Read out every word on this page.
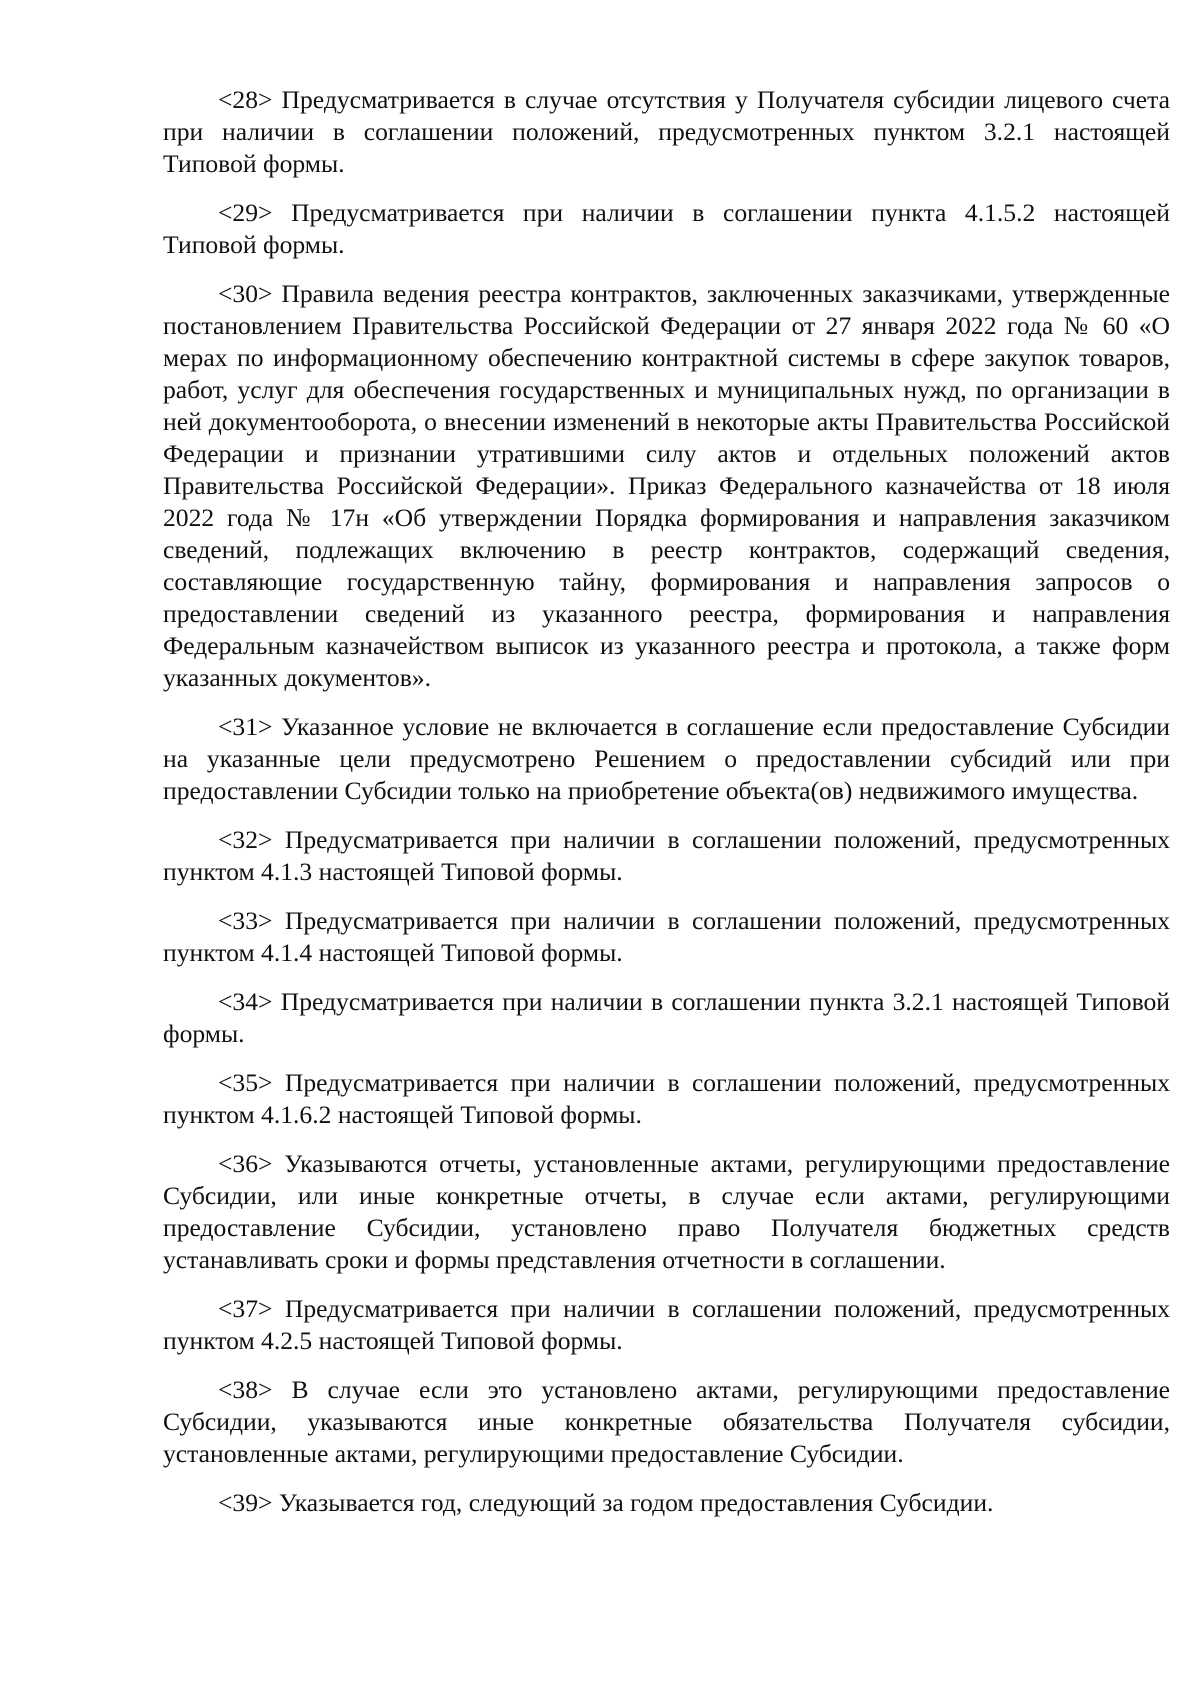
<28> Предусматривается в случае отсутствия у Получателя субсидии лицевого счета при наличии в соглашении положений, предусмотренных пунктом 3.2.1 настоящей Типовой формы.

<29> Предусматривается при наличии в соглашении пункта 4.1.5.2 настоящей Типовой формы.

<30> Правила ведения реестра контрактов, заключенных заказчиками, утвержденные постановлением Правительства Российской Федерации от 27 января 2022 года № 60 «О мерах по информационному обеспечению контрактной системы в сфере закупок товаров, работ, услуг для обеспечения государственных и муниципальных нужд, по организации в ней документооборота, о внесении изменений в некоторые акты Правительства Российской Федерации и признании утратившими силу актов и отдельных положений актов Правительства Российской Федерации». Приказ Федерального казначейства от 18 июля 2022 года № 17н «Об утверждении Порядка формирования и направления заказчиком сведений, подлежащих включению в реестр контрактов, содержащий сведения, составляющие государственную тайну, формирования и направления запросов о предоставлении сведений из указанного реестра, формирования и направления Федеральным казначейством выписок из указанного реестра и протокола, а также форм указанных документов».

<31> Указанное условие не включается в соглашение если предоставление Субсидии на указанные цели предусмотрено Решением о предоставлении субсидий или при предоставлении Субсидии только на приобретение объекта(ов) недвижимого имущества.

<32> Предусматривается при наличии в соглашении положений, предусмотренных пунктом 4.1.3 настоящей Типовой формы.

<33> Предусматривается при наличии в соглашении положений, предусмотренных пунктом 4.1.4 настоящей Типовой формы.

<34> Предусматривается при наличии в соглашении пункта 3.2.1 настоящей Типовой формы.

<35> Предусматривается при наличии в соглашении положений, предусмотренных пунктом 4.1.6.2 настоящей Типовой формы.

<36> Указываются отчеты, установленные актами, регулирующими предоставление Субсидии, или иные конкретные отчеты, в случае если актами, регулирующими предоставление Субсидии, установлено право Получателя бюджетных средств устанавливать сроки и формы представления отчетности в соглашении.

<37> Предусматривается при наличии в соглашении положений, предусмотренных пунктом 4.2.5 настоящей Типовой формы.

<38> В случае если это установлено актами, регулирующими предоставление Субсидии, указываются иные конкретные обязательства Получателя субсидии, установленные актами, регулирующими предоставление Субсидии.

<39> Указывается год, следующий за годом предоставления Субсидии.
